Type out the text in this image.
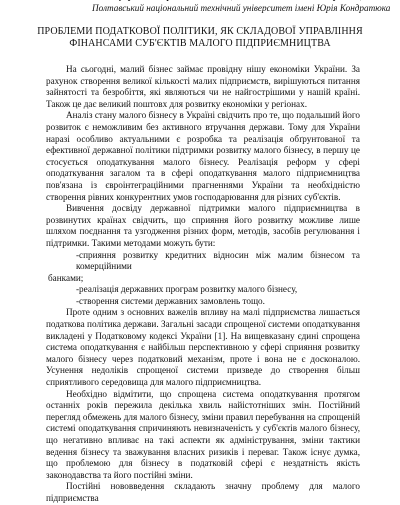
Полтавський національний технічний університет імені Юрія Кондратюка
ПРОБЛЕМИ ПОДАТКОВОЇ ПОЛІТИКИ, ЯК СКЛАДОВОЇ УПРАВЛІННЯ
ФІНАНСАМИ СУБ'ЄКТІВ МАЛОГО ПІДПРИЄМНИЦТВА

На сьогодні, малий бізнес займає провідну нішу економіки України. За рахунок створення великої кількості малих підприємств, вирішуються питання зайнятості та безробіття, які являються чи не найгострішими у нашій країні. Також це дає великий поштовх для розвитку економіки у регіонах.

Аналіз стану малого бізнесу в Україні свідчить про те, що подальший його розвиток є неможливим без активного втручання держави. Тому для України наразі особливо актуальними є розробка та реалізація обґрунтованої та ефективної державної політики підтримки розвитку малого бізнесу, в першу це стосується оподаткування малого бізнесу. Реалізація реформ у сфері оподаткування загалом та в сфері оподаткування малого підприємництва пов'язана із євроінтеграційними прагненнями України та необхідністю створення рівних конкурентних умов господарювання для різних суб'єктів.

Вивчення досвіду державної підтримки малого підприємництва в розвинутих країнах свідчить, що сприяння його розвитку можливе лише шляхом поєднання та узгодження різних форм, методів, засобів регулювання і підтримки. Такими методами можуть бути:

-сприяння розвитку кредитних відносин між малим бізнесом та комерційними

банками;

-реалізація державних програм розвитку малого бізнесу,

-створення системи державних замовлень тощо.

Проте одним з основних важелів впливу на малі підприємства лишається податкова політика держави. Загальні засади спрощеної системи оподаткування викладені у Податковому кодексі України [1]. На вищевказану єдині спрощена система оподаткування є найбільш перспективною у сфері сприяння розвитку малого бізнесу через податковий механізм, проте і вона не є досконалою. Усунення недоліків спрощеної системи призведе до створення більш сприятливого середовища для малого підприємництва.

Необхідно відмітити, що спрощена система оподаткування протягом останніх років пережила декілька хвиль найістотніших змін. Постійний перегляд обмежень для малого бізнесу, зміни правил перебування на спрощеній системі оподаткування спричиняють невизначеність у суб'єктів малого бізнесу, що негативно впливає на такі аспекти як адміністрування, зміни тактики ведення бізнесу та зважування власних ризиків і переваг. Також існує думка, що проблемою для бізнесу в податковій сфері є нездатність якість законодавства та його постійні зміни.

Постійні нововведення складають значну проблему для малого підприємства
